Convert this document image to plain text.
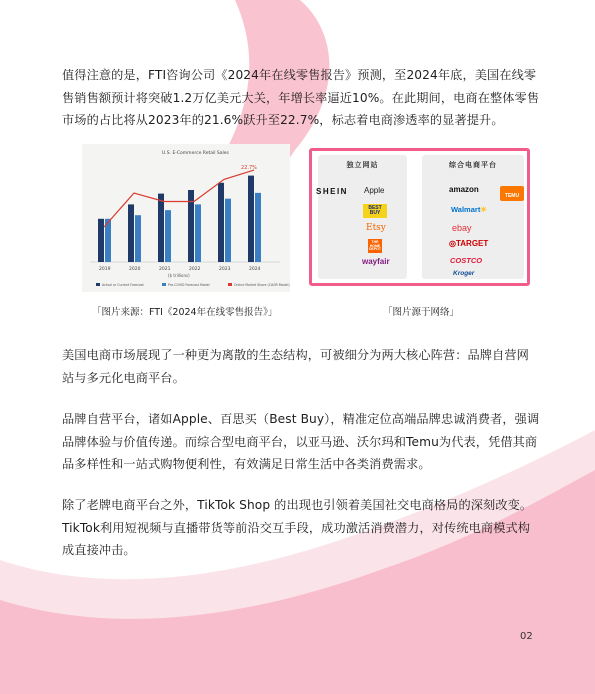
值得注意的是，FTI咨询公司《2024年在线零售报告》预测，至2024年底，美国在线零售销售额预计将突破1.2万亿美元大关，年增长率逼近10%。在此期间，电商在整体零售市场的占比将从2023年的21.6%跃升至22.7%，标志着电商渗透率的显著提升。

U.S. E-Commerce Retail Sales
2019	2020	2021	2022	2023	2024
22.7%
($ trillions)
Actual or Current Forecast	Pre-COVID Forecast Model	Online Market Share (CAGR Model)
独立网站	综合电商平台
SHEIN Apple
BEST BUY
Etsy
THE HOME DEPOT
wayfair
amazon
Walmart✳
ebay
◎TARGET
COSTCO
Kroger
TEMU
「图片来源：FTI《2024年在线零售报告》」	「图片源于网络」

美国电商市场展现了一种更为离散的生态结构，可被细分为两大核心阵营：品牌自营网站与多元化电商平台。

品牌自营平台，诸如Apple、百思买（Best Buy），精准定位高端品牌忠诚消费者，强调品牌体验与价值传递。而综合型电商平台，以亚马逊、沃尔玛和Temu为代表，凭借其商品多样性和一站式购物便利性，有效满足日常生活中各类消费需求。

除了老牌电商平台之外，TikTok Shop 的出现也引领着美国社交电商格局的深刻改变。TikTok利用短视频与直播带货等前沿交互手段，成功激活消费潜力，对传统电商模式构成直接冲击。

02
